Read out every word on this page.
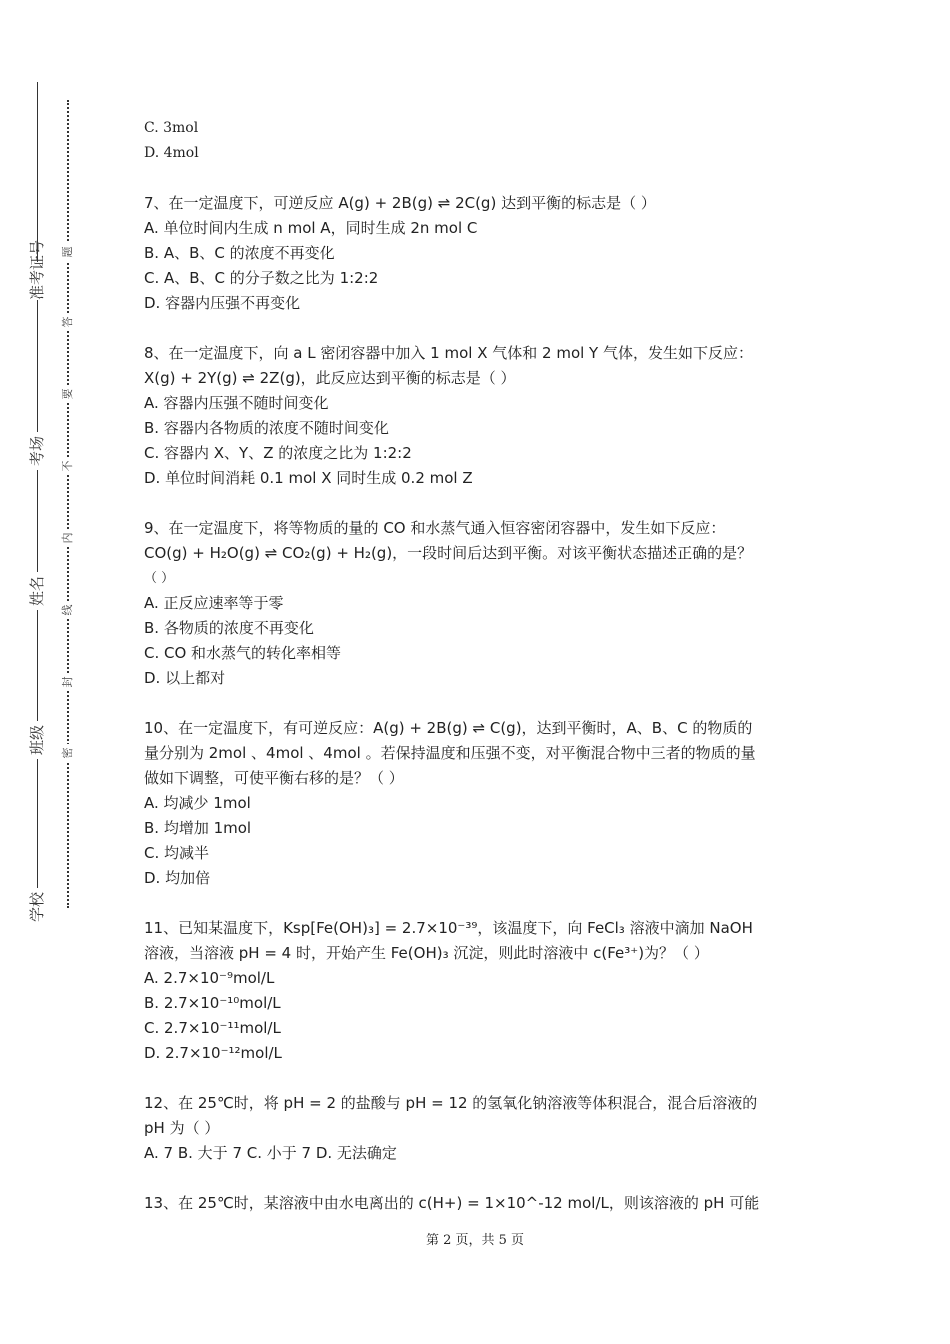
准考证号
考场
姓名
班级
学校
题
答
要
不
内
线
封
密
C. 3mol
D. 4mol
7、在一定温度下，可逆反应 A(g) + 2B(g) ⇌ 2C(g) 达到平衡的标志是（ ）
A. 单位时间内生成 n mol A，同时生成 2n mol C
B. A、B、C 的浓度不再变化
C. A、B、C 的分子数之比为 1:2:2
D. 容器内压强不再变化
8、在一定温度下，向 a L 密闭容器中加入 1 mol X 气体和 2 mol Y 气体，发生如下反应：
X(g) + 2Y(g) ⇌ 2Z(g)，此反应达到平衡的标志是（ ）
A. 容器内压强不随时间变化
B. 容器内各物质的浓度不随时间变化
C. 容器内 X、Y、Z 的浓度之比为 1:2:2
D. 单位时间消耗 0.1 mol X 同时生成 0.2 mol Z
9、在一定温度下，将等物质的量的 CO 和水蒸气通入恒容密闭容器中，发生如下反应：
CO(g) + H₂O(g) ⇌ CO₂(g) + H₂(g)，一段时间后达到平衡。对该平衡状态描述正确的是？
（ ）
A. 正反应速率等于零
B. 各物质的浓度不再变化
C. CO 和水蒸气的转化率相等
D. 以上都对
10、在一定温度下，有可逆反应：A(g) + 2B(g) ⇌ C(g)，达到平衡时，A、B、C 的物质的
量分别为 2mol 、4mol 、4mol 。若保持温度和压强不变，对平衡混合物中三者的物质的量
做如下调整，可使平衡右移的是？（ ）
A. 均减少 1mol
B. 均增加 1mol
C. 均减半
D. 均加倍
11、已知某温度下，Ksp[Fe(OH)₃] = 2.7×10⁻³⁹，该温度下，向 FeCl₃ 溶液中滴加 NaOH
溶液，当溶液 pH = 4 时，开始产生 Fe(OH)₃ 沉淀，则此时溶液中 c(Fe³⁺)为？（ ）
A. 2.7×10⁻⁹mol/L
B. 2.7×10⁻¹⁰mol/L
C. 2.7×10⁻¹¹mol/L
D. 2.7×10⁻¹²mol/L
12、在 25℃时，将 pH = 2 的盐酸与 pH = 12 的氢氧化钠溶液等体积混合，混合后溶液的
pH 为（ ）
A. 7 B. 大于 7 C. 小于 7 D. 无法确定
13、在 25℃时，某溶液中由水电离出的 c(H+) = 1×10^-12 mol/L，则该溶液的 pH 可能
第 2 页，共 5 页
